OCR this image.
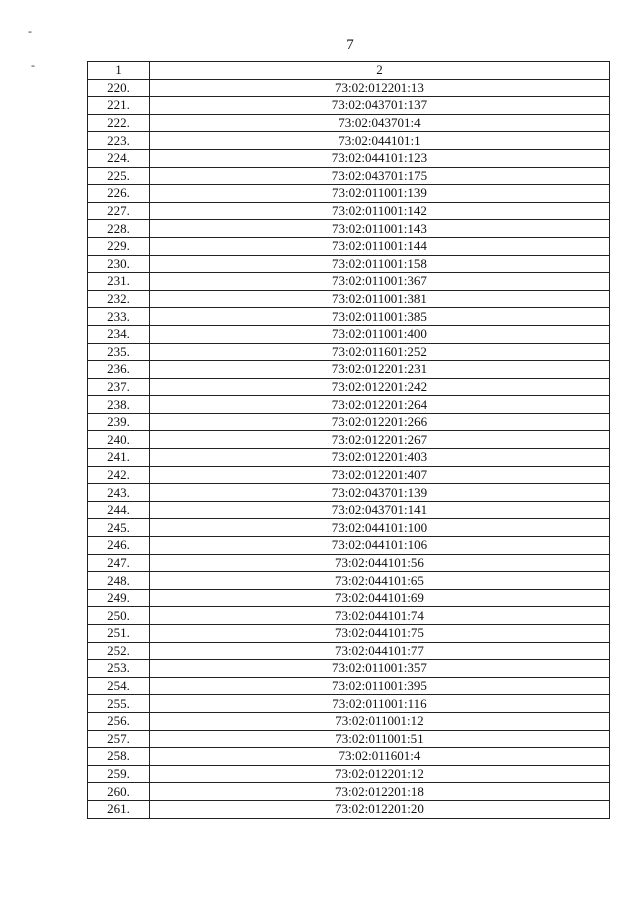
-
-
7
1	2
220.	73:02:012201:13
221.	73:02:043701:137
222.	73:02:043701:4
223.	73:02:044101:1
224.	73:02:044101:123
225.	73:02:043701:175
226.	73:02:011001:139
227.	73:02:011001:142
228.	73:02:011001:143
229.	73:02:011001:144
230.	73:02:011001:158
231.	73:02:011001:367
232.	73:02:011001:381
233.	73:02:011001:385
234.	73:02:011001:400
235.	73:02:011601:252
236.	73:02:012201:231
237.	73:02:012201:242
238.	73:02:012201:264
239.	73:02:012201:266
240.	73:02:012201:267
241.	73:02:012201:403
242.	73:02:012201:407
243.	73:02:043701:139
244.	73:02:043701:141
245.	73:02:044101:100
246.	73:02:044101:106
247.	73:02:044101:56
248.	73:02:044101:65
249.	73:02:044101:69
250.	73:02:044101:74
251.	73:02:044101:75
252.	73:02:044101:77
253.	73:02:011001:357
254.	73:02:011001:395
255.	73:02:011001:116
256.	73:02:011001:12
257.	73:02:011001:51
258.	73:02:011601:4
259.	73:02:012201:12
260.	73:02:012201:18
261.	73:02:012201:20
